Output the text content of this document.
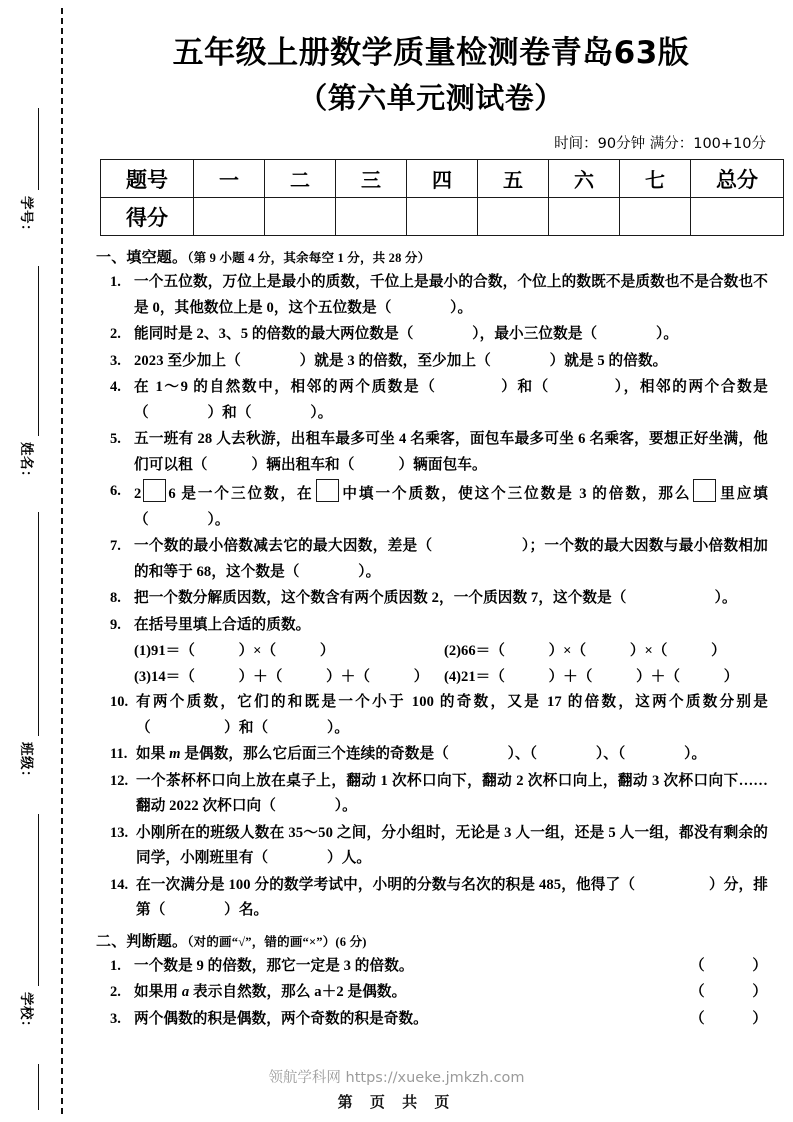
学号：
姓名：
班级：
学校：
五年级上册数学质量检测卷青岛63版
（第六单元测试卷）
时间：90分钟 满分：100+10分
题号	一	二	三	四	五	六	七	总分
得分								
一、填空题。（第 9 小题 4 分，其余每空 1 分，共 28 分）
1. 一个五位数，万位上是最小的质数，千位上是最小的合数，个位上的数既不是质数也不是合数也不是 0，其他数位上是 0，这个五位数是（　　　　）。
2. 能同时是 2、3、5 的倍数的最大两位数是（　　　　），最小三位数是（　　　　）。
3. 2023 至少加上（　　　　）就是 3 的倍数，至少加上（　　　　）就是 5 的倍数。
4. 在 1～9 的自然数中，相邻的两个质数是（　　　　）和（　　　　），相邻的两个合数是（　　　　）和（　　　　）。
5. 五一班有 28 人去秋游，出租车最多可坐 4 名乘客，面包车最多可坐 6 名乘客，要想正好坐满，他们可以租（　　　）辆出租车和（　　　）辆面包车。
6. 2 6 是一个三位数，在 中填一个质数，使这个三位数是 3 的倍数，那么 里应填（　　　　）。
7. 一个数的最小倍数减去它的最大因数，差是（　　　　　　）；一个数的最大因数与最小倍数相加的和等于 68，这个数是（　　　　）。
8. 把一个数分解质因数，这个数含有两个质因数 2，一个质因数 7，这个数是（　　　　　　）。
9. 在括号里填上合适的质数。
(1)91＝（　　　）×（　　　）
(3)14＝（　　　）＋（　　　）＋（　　　）
(2)66＝（　　　）×（　　　）×（　　　）
(4)21＝（　　　）＋（　　　）＋（　　　）
10. 有两个质数，它们的和既是一个小于 100 的奇数，又是 17 的倍数，这两个质数分别是（　　　　　）和（　　　　）。
11. 如果 m 是偶数，那么它后面三个连续的奇数是（　　　　）、（　　　　）、（　　　　）。
12. 一个茶杯杯口向上放在桌子上，翻动 1 次杯口向下，翻动 2 次杯口向上，翻动 3 次杯口向下……翻动 2022 次杯口向（　　　　）。
13. 小刚所在的班级人数在 35～50 之间，分小组时，无论是 3 人一组，还是 5 人一组，都没有剩余的同学，小刚班里有（　　　　）人。
14. 在一次满分是 100 分的数学考试中，小明的分数与名次的积是 485，他得了（　　　　　）分，排第（　　　　）名。
二、判断题。（对的画“√”，错的画“×”）(6 分)
1. 一个数是 9 的倍数，那它一定是 3 的倍数。	（　　　）
2. 如果用 a 表示自然数，那么 a＋2 是偶数。	（　　　）
3. 两个偶数的积是偶数，两个奇数的积是奇数。	（　　　）
领航学科网 https://xueke.jmkzh.com
第 页 共 页
